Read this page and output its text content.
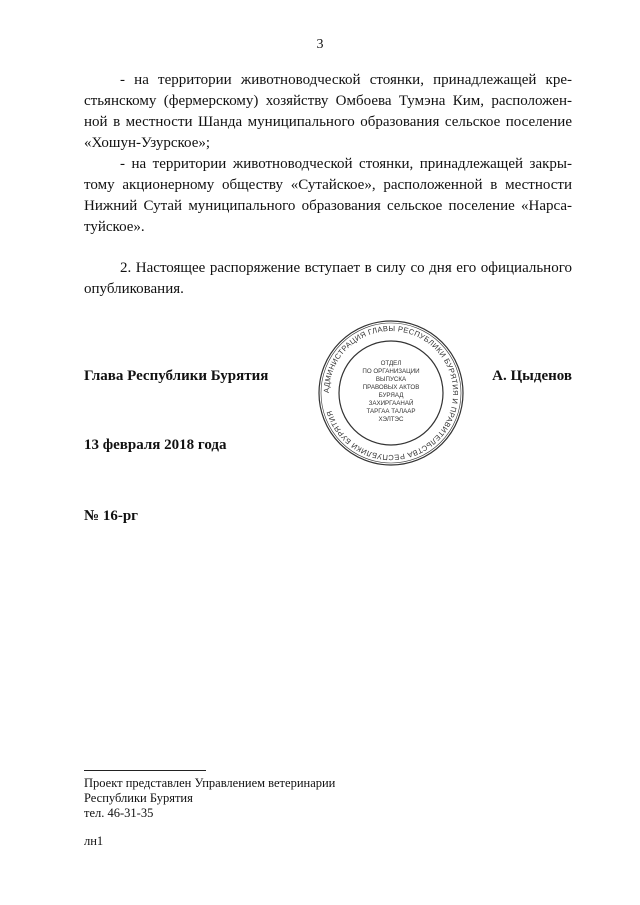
3
- на территории животноводческой стоянки, принадлежащей кре-
стьянскому (фермерскому) хозяйству Омбоева Тумэна Ким, расположен-
ной в местности Шанда муниципального образования сельское поселение
«Хошун-Узурское»;
- на территории животноводческой стоянки, принадлежащей закры-
тому акционерному обществу «Сутайское», расположенной в местности
Нижний Сутай муниципального образования сельское поселение «Нарса-
туйское».
2. Настоящее распоряжение вступает в силу со дня его официального
опубликования.
Глава Республики Бурятия
АДМИНИСТРАЦИЯ ГЛАВЫ РЕСПУБЛИКИ БУРЯТИЯ И ПРАВИТЕЛЬСТВА РЕСПУБЛИКИ БУРЯТИЯ
ОТДЕЛ
ПО ОРГАНИЗАЦИИ
ВЫПУСКА
ПРАВОВЫХ АКТОВ
БУРЯАД
ЗАХИРГААНАЙ
ТАРГАА ТАЛААР
ХЭЛТЭС
А. Цыденов
13 февраля 2018 года
№ 16-рг
Проект представлен Управлением ветеринарии
Республики Бурятия
тел. 46-31-35
лн1
